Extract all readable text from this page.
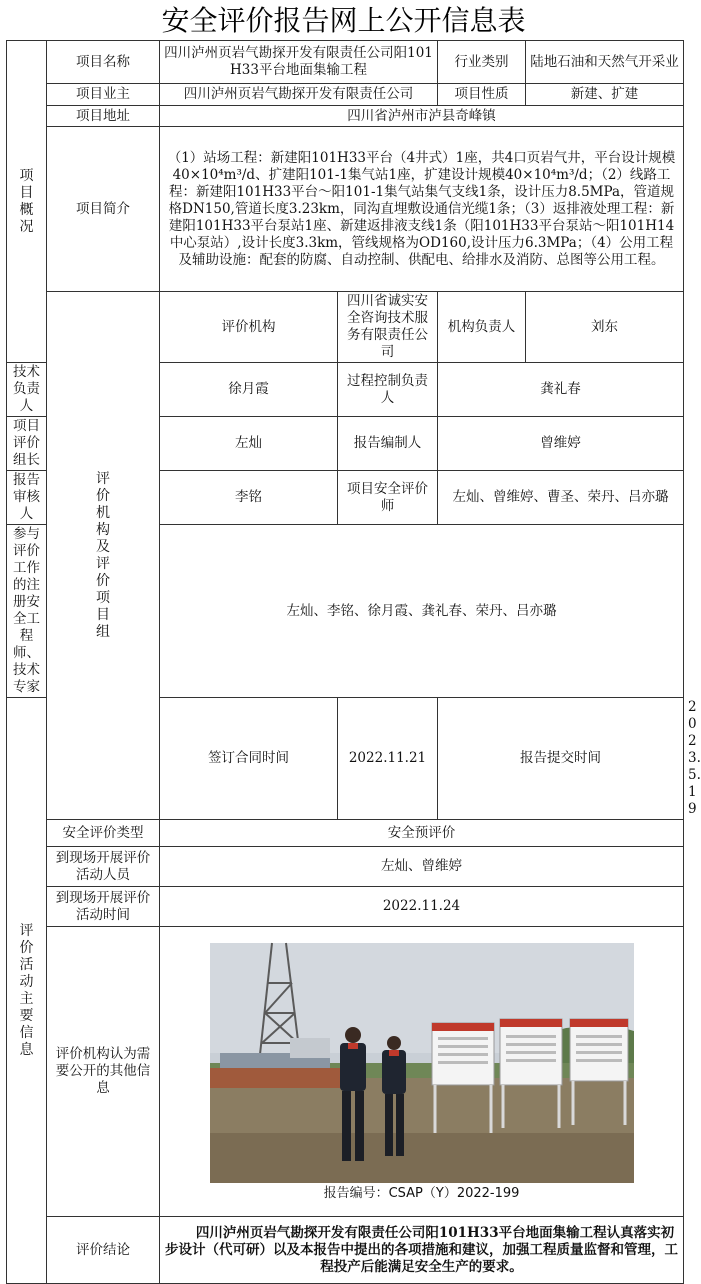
安全评价报告网上公开信息表
项目概况	项目名称	四川泸州页岩气勘探开发有限责任公司阳101H33平台地面集输工程		行业类别	陆地石油和天然气开采业	
	项目业主	四川泸州页岩气勘探开发有限责任公司		项目性质	新建、扩建	
	项目地址	四川省泸州市泸县奇峰镇				
	项目简介	（1）站场工程：新建阳101H33平台（4井式）1座，共4口页岩气井，平台设计规模40×10⁴m³/d、扩建阳101-1集气站1座，扩建设计规模40×10⁴m³/d；（2）线路工程：新建阳101H33平台～阳101-1集气站集气支线1条，设计压力8.5MPa，管道规格DN150,管道长度3.23km，同沟直埋敷设通信光缆1条；（3）返排液处理工程：新建阳101H33平台泵站1座、新建返排液支线1条（阳101H33平台泵站～阳101H14中心泵站）,设计长度3.3km，管线规格为OD160,设计压力6.3MPa；（4）公用工程及辅助设施：配套的防腐、自动控制、供配电、给排水及消防、总图等公用工程。				

	评价机构及评价项目组	评价机构	四川省诚实安全咨询技术服务有限责任公司	机构负责人	刘东	
技术负责人		徐月霞	过程控制负责人	龚礼春		
项目评价组长		左灿	报告编制人	曾维婷		
报告审核人		李铭	项目安全评价师	左灿、曾维婷、曹圣、荣丹、吕亦璐		
参与评价工作的注册安全工程师、技术专家		左灿、李铭、徐月霞、龚礼春、荣丹、吕亦璐				

评价活动主要信息		签订合同时间	2022.11.21	报告提交时间		2023.5.19
	安全评价类型	安全预评价				
	到现场开展评价活动人员	左灿、曾维婷				
	到现场开展评价活动时间	2022.11.24				
	评价机构认为需要公开的其他信息	报告编号：CSAP（Y）2022-199				

	评价结论	四川泸州页岩气勘探开发有限责任公司阳101H33平台地面集输工程认真落实初步设计（代可研）以及本报告中提出的各项措施和建议，加强工程质量监督和管理，工程投产后能满足安全生产的要求。				
